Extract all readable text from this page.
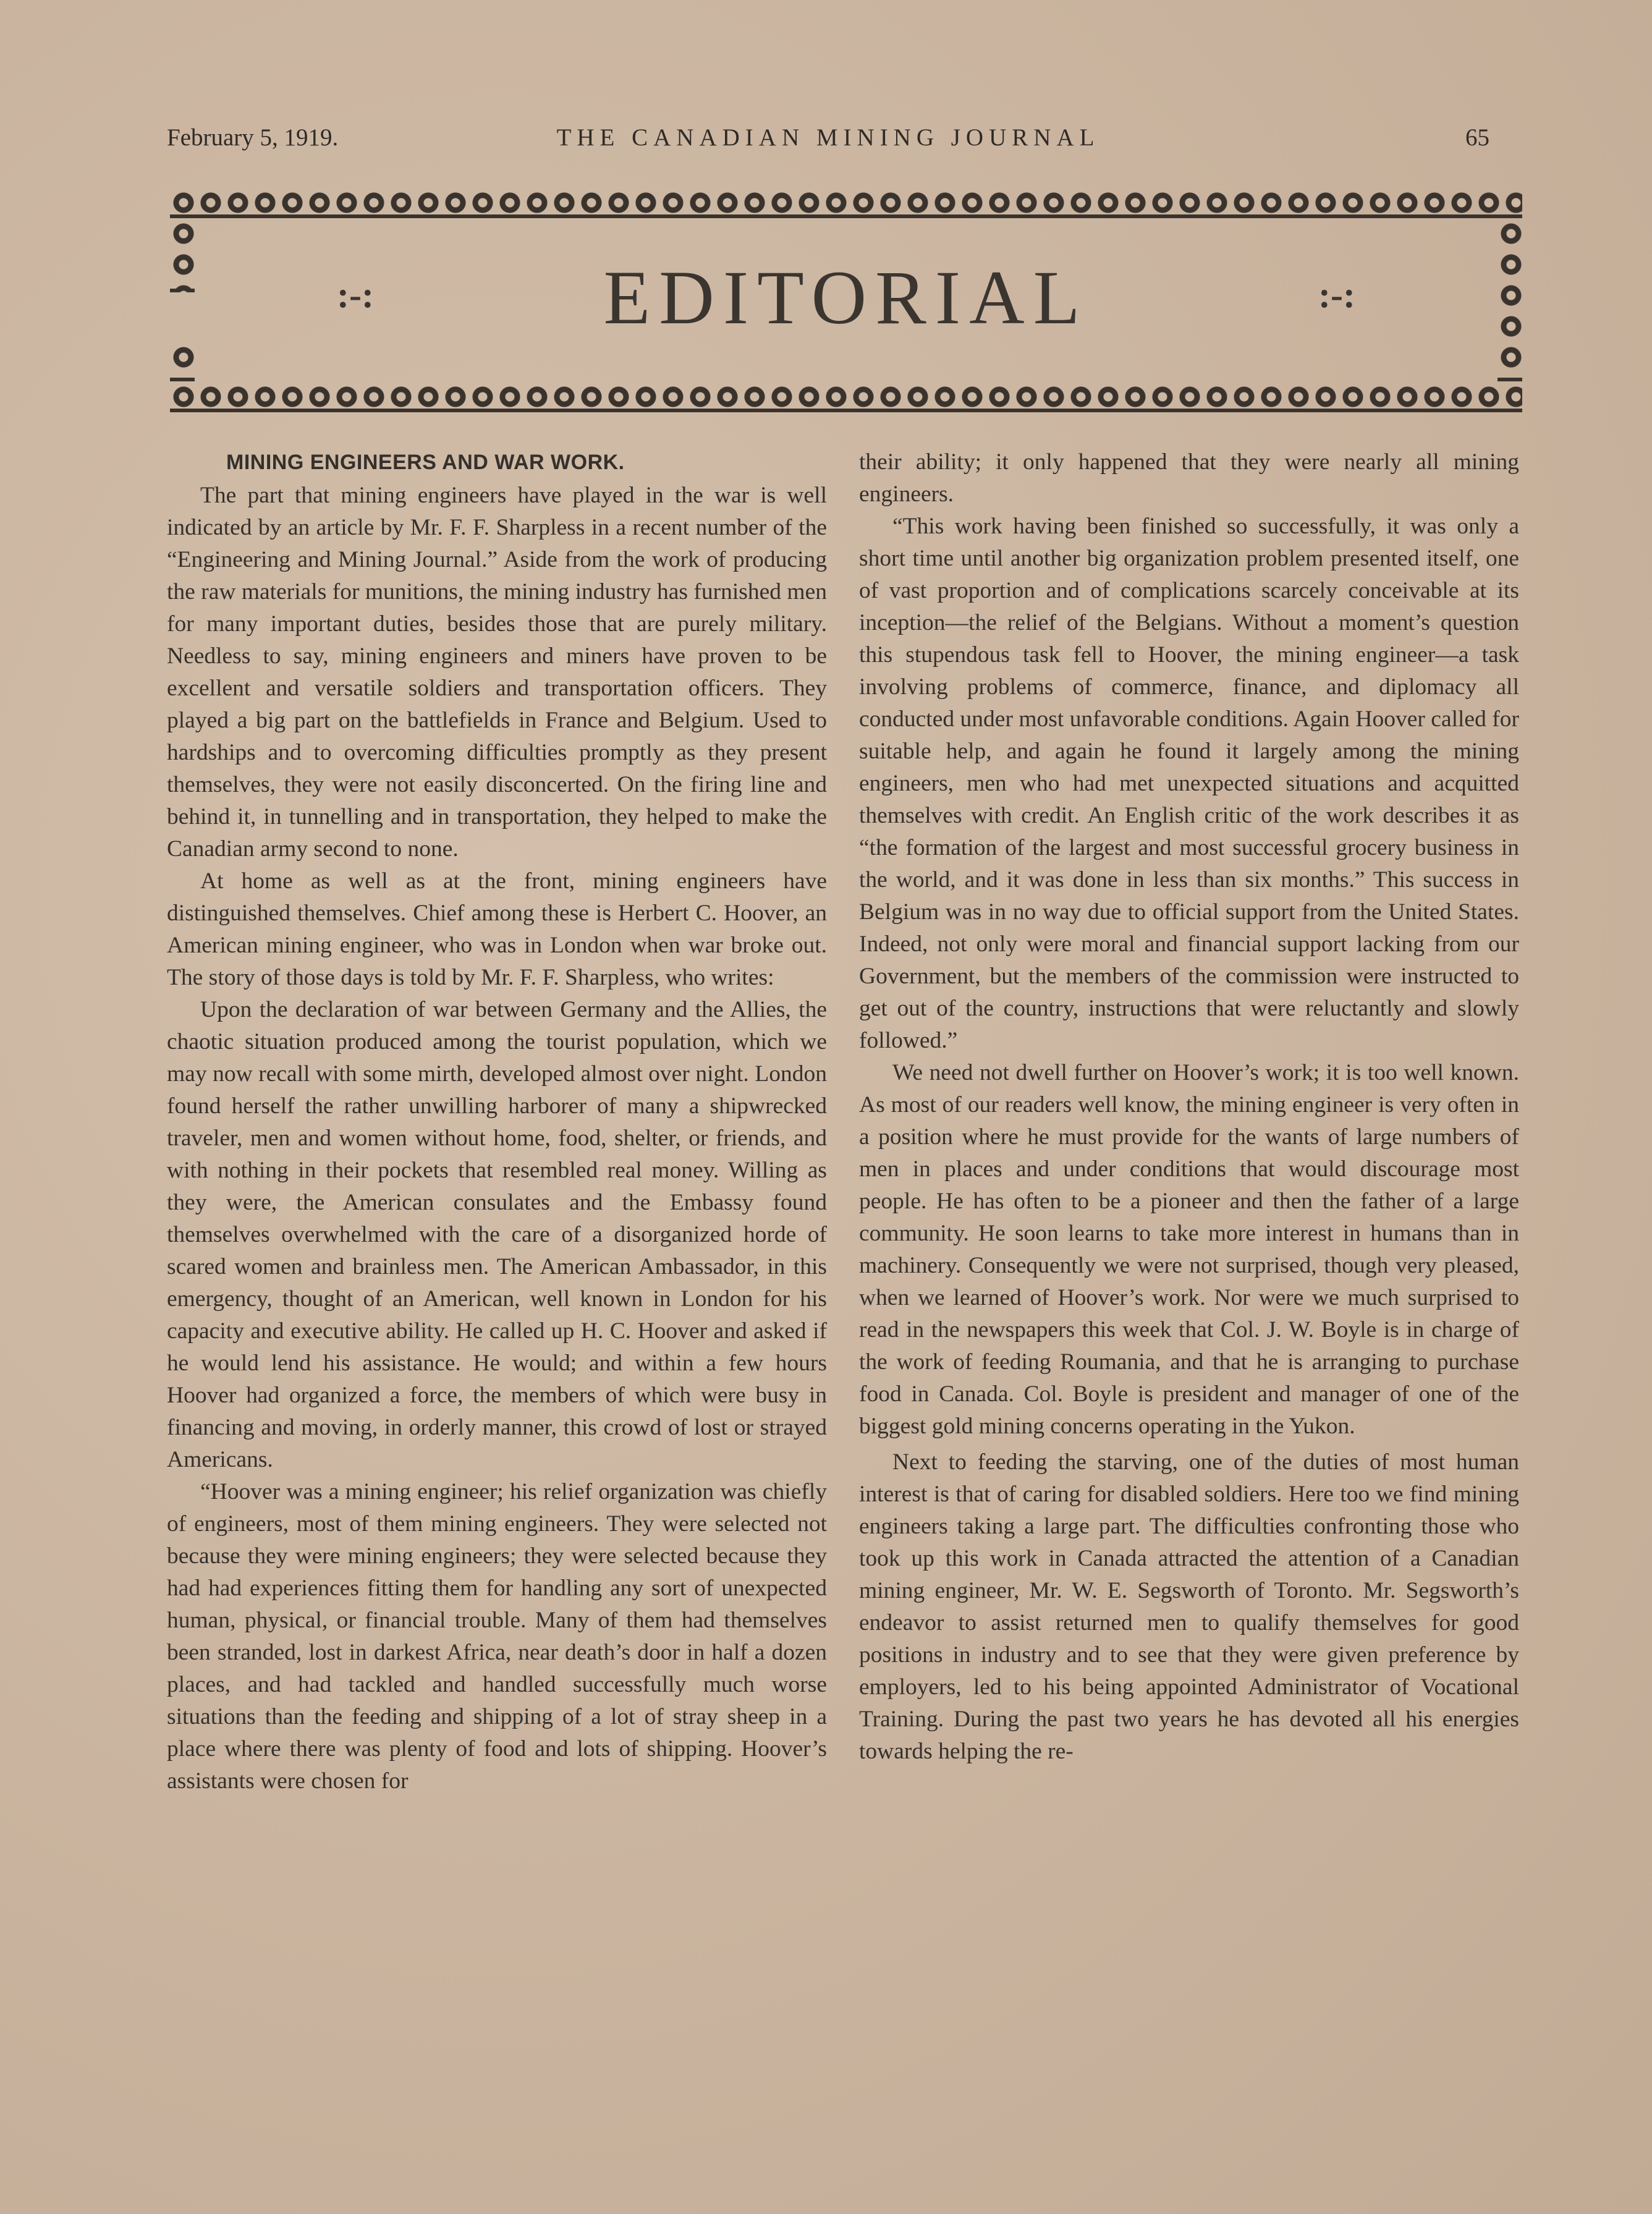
February 5, 1919.	THE CANADIAN MINING JOURNAL	65
:-:	EDITORIAL	:-:

MINING ENGINEERS AND WAR WORK.

The part that mining engineers have played in the war is well indicated by an article by Mr. F. F. Sharpless in a recent number of the “Engineering and Mining Journal.” Aside from the work of producing the raw materials for munitions, the mining industry has furnished men for many important duties, besides those that are purely military. Needless to say, mining engineers and miners have proven to be excellent and versatile soldiers and transportation officers. They played a big part on the battlefields in France and Belgium. Used to hardships and to overcoming difficulties promptly as they present themselves, they were not easily disconcerted. On the firing line and behind it, in tunnelling and in transportation, they helped to make the Canadian army second to none.

At home as well as at the front, mining engineers have distinguished themselves. Chief among these is Herbert C. Hoover, an American mining engineer, who was in London when war broke out. The story of those days is told by Mr. F. F. Sharpless, who writes:

Upon the declaration of war between Germany and the Allies, the chaotic situation produced among the tourist population, which we may now recall with some mirth, developed almost over night. London found herself the rather unwilling harborer of many a shipwrecked traveler, men and women without home, food, shelter, or friends, and with nothing in their pockets that resembled real money. Willing as they were, the American consulates and the Embassy found themselves overwhelmed with the care of a disorganized horde of scared women and brainless men. The American Ambassador, in this emergency, thought of an American, well known in London for his capacity and executive ability. He called up H. C. Hoover and asked if he would lend his assistance. He would; and within a few hours Hoover had organized a force, the members of which were busy in financing and moving, in orderly manner, this crowd of lost or strayed Americans.

“Hoover was a mining engineer; his relief organization was chiefly of engineers, most of them mining engineers. They were selected not because they were mining engineers; they were selected because they had had experiences fitting them for handling any sort of unexpected human, physical, or financial trouble. Many of them had themselves been stranded, lost in darkest Africa, near death’s door in half a dozen places, and had tackled and handled successfully much worse situations than the feeding and shipping of a lot of stray sheep in a place where there was plenty of food and lots of shipping. Hoover’s assistants were chosen for

their ability; it only happened that they were nearly all mining engineers.

“This work having been finished so successfully, it was only a short time until another big organization problem presented itself, one of vast proportion and of complications scarcely conceivable at its inception—the relief of the Belgians. Without a moment’s question this stupendous task fell to Hoover, the mining engineer—a task involving problems of commerce, finance, and diplomacy all conducted under most unfavorable conditions. Again Hoover called for suitable help, and again he found it largely among the mining engineers, men who had met unexpected situations and acquitted themselves with credit. An English critic of the work describes it as “the formation of the largest and most successful grocery business in the world, and it was done in less than six months.” This success in Belgium was in no way due to official support from the United States. Indeed, not only were moral and financial support lacking from our Government, but the members of the commission were instructed to get out of the country, instructions that were reluctantly and slowly followed.”

We need not dwell further on Hoover’s work; it is too well known. As most of our readers well know, the mining engineer is very often in a position where he must provide for the wants of large numbers of men in places and under conditions that would discourage most people. He has often to be a pioneer and then the father of a large community. He soon learns to take more interest in humans than in machinery. Consequently we were not surprised, though very pleased, when we learned of Hoover’s work. Nor were we much surprised to read in the newspapers this week that Col. J. W. Boyle is in charge of the work of feeding Roumania, and that he is arranging to purchase food in Canada. Col. Boyle is president and manager of one of the biggest gold mining concerns operating in the Yukon.

Next to feeding the starving, one of the duties of most human interest is that of caring for disabled soldiers. Here too we find mining engineers taking a large part. The difficulties confronting those who took up this work in Canada attracted the attention of a Canadian mining engineer, Mr. W. E. Segsworth of Toronto. Mr. Segsworth’s endeavor to assist returned men to qualify themselves for good positions in industry and to see that they were given preference by employers, led to his being appointed Administrator of Vocational Training. During the past two years he has devoted all his energies towards helping the re-
